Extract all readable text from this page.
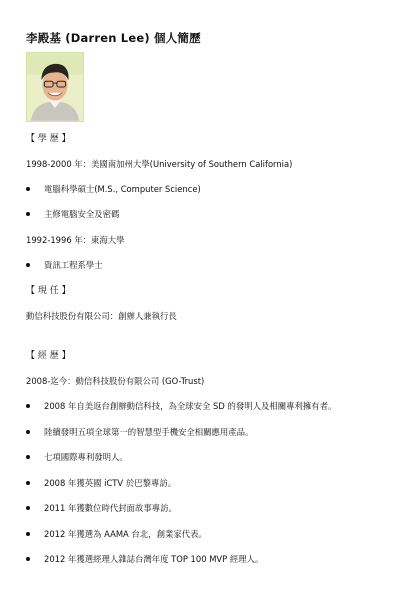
李殿基 (Darren Lee) 個人簡歷
【 學 歷 】
1998-2000 年：美國南加州大學(University of Southern California)
電腦科學碩士(M.S., Computer Science)
主修電腦安全及密碼
1992-1996 年：東海大學
資訊工程系學士
【 現 任 】
動信科技股份有限公司：創辦人兼執行長
【 經 歷 】
2008-迄今：動信科技股份有限公司 (GO-Trust)
2008 年自美返台創辦動信科技，為全球安全 SD 的發明人及相關專利擁有者。
陸續發明五項全球第一的智慧型手機安全相關應用產品。
七項國際專利發明人。
2008 年獲英國 iCTV 於巴黎專訪。
2011 年獲數位時代封面故事專訪。
2012 年獲選為 AAMA 台北，創業家代表。
2012 年獲選經理人雜誌台灣年度 TOP 100 MVP 經理人。
